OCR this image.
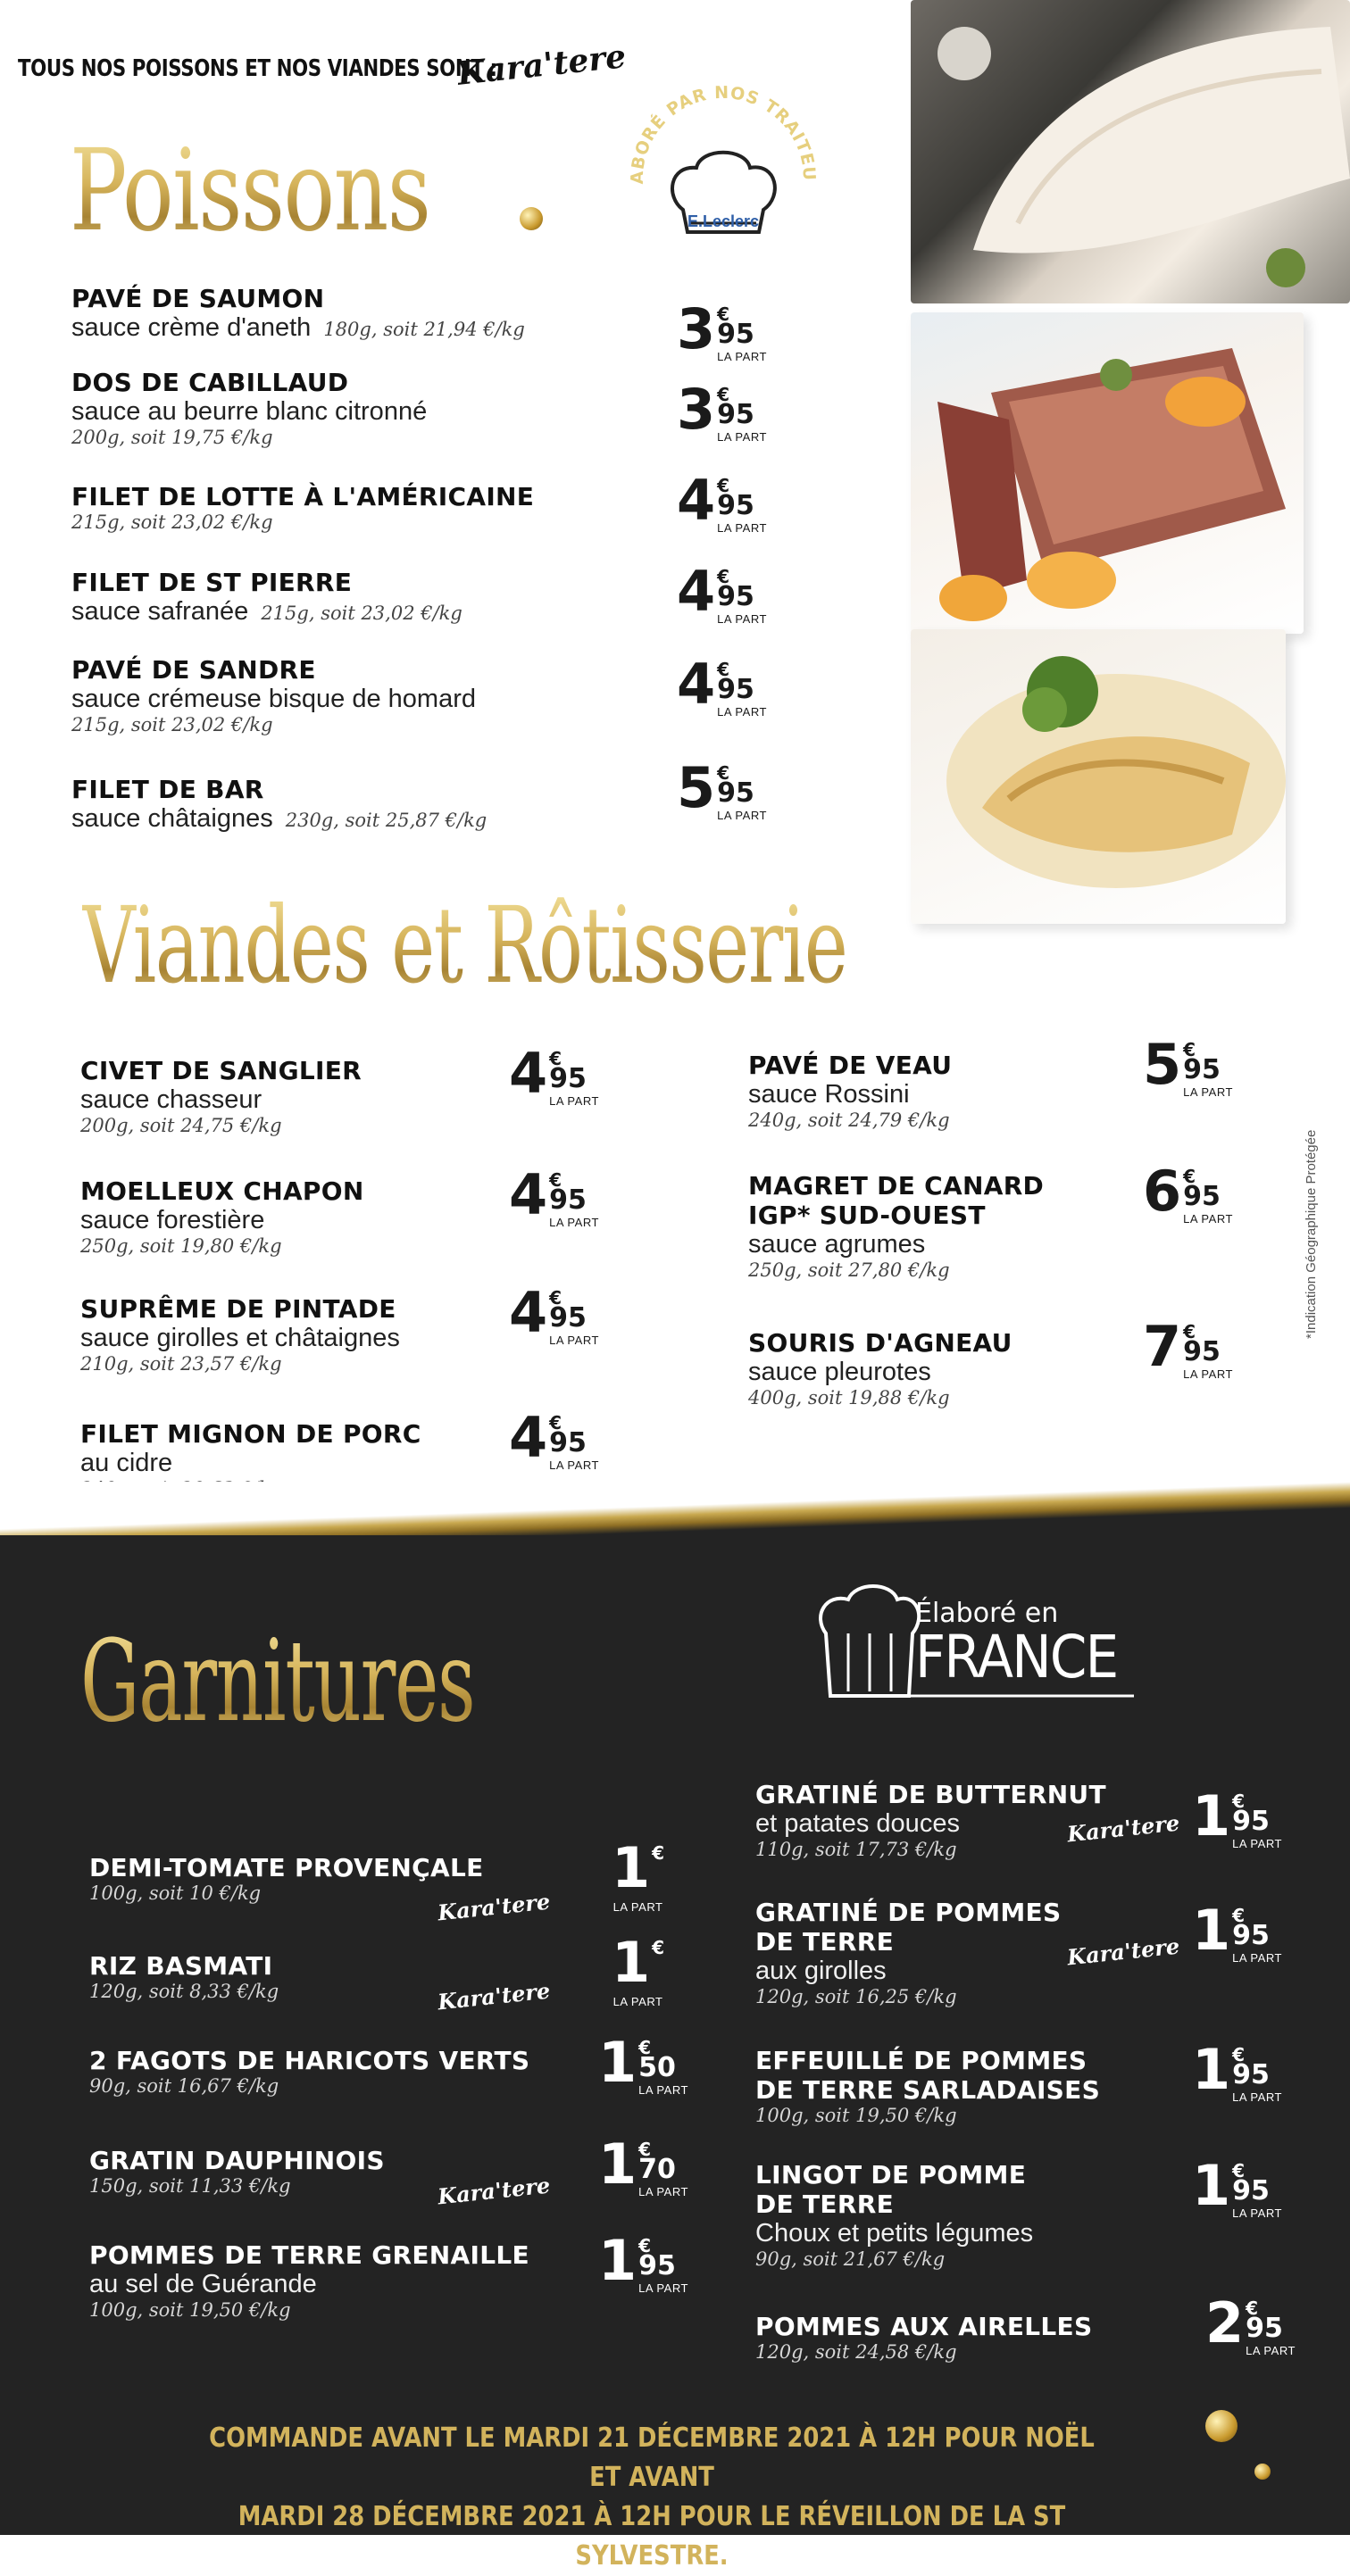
TOUS NOS POISSONS ET NOS VIANDES SONT :
Kara'tere
Poissons	ABORÉ PAR NOS TRAITEU
E.Leclerc
PAVÉ DE SAUMON
sauce crème d'aneth 180g, soit 21,94 €/kg	3 €
95
LA PART
DOS DE CABILLAUD
sauce au beurre blanc citronné
200g, soit 19,75 €/kg	3 €
95
LA PART
FILET DE LOTTE À L'AMÉRICAINE
215g, soit 23,02 €/kg	4 €
95
LA PART
FILET DE ST PIERRE
sauce safranée 215g, soit 23,02 €/kg	4 €
95
LA PART
PAVÉ DE SANDRE
sauce crémeuse bisque de homard
215g, soit 23,02 €/kg
4 €
95
LA PART
FILET DE BAR
sauce châtaignes 230g, soit 25,87 €/kg	5 €
95
LA PART
Viandes et Rôtisserie
CIVET DE SANGLIER
sauce chasseur
200g, soit 24,75 €/kg
4 €
95
LA PART
MOELLEUX CHAPON
sauce forestière
250g, soit 19,80 €/kg
4 €
95
LA PART
SUPRÊME DE PINTADE
sauce girolles et châtaignes
210g, soit 23,57 €/kg
4 €
95
LA PART
FILET MIGNON DE PORC
au cidre	4 €
95
LA PART
PAVÉ DE VEAU
sauce Rossini
240g, soit 24,79 €/kg
5 €
95
LA PART
MAGRET DE CANARD
IGP* SUD-OUEST
sauce agrumes
250g, soit 27,80 €/kg
6 €
95
LA PART
SOURIS D'AGNEAU
sauce pleurotes
400g, soit 19,88 €/kg
7 €
95
LA PART
*Indication Géographique Protégée
Garnitures
Élaboré en
FRANCE
DEMI-TOMATE PROVENÇALE
100g, soit 10 €/kg	Kara'tere
1 €
LA PART
RIZ BASMATI
120g, soit 8,33 €/kg	Kara'tere
1 €
LA PART
2 FAGOTS DE HARICOTS VERTS
90g, soit 16,67 €/kg	1 €
50
LA PART
GRATIN DAUPHINOIS
150g, soit 11,33 €/kg	Kara'tere 1 €
70
LA PART
POMMES DE TERRE GRENAILLE
au sel de Guérande
100g, soit 19,50 €/kg
1 €
95
LA PART
GRATINÉ DE BUTTERNUT
et patates douces
110g, soit 17,73 €/kg
Kara'tere 1 €
95
LA PART
GRATINÉ DE POMMES
DE TERRE
aux girolles
120g, soit 16,25 €/kg
Kara'tere 1 €
95
LA PART
EFFEUILLÉ DE POMMES
DE TERRE SARLADAISES
100g, soit 19,50 €/kg
1 €
95
LA PART
LINGOT DE POMME
DE TERRE
Choux et petits légumes
90g, soit 21,67 €/kg
1 €
95
LA PART
POMMES AUX AIRELLES
120g, soit 24,58 €/kg	2 €
95
LA PART
COMMANDE AVANT LE MARDI 21 DÉCEMBRE 2021 À 12H POUR NOËL ET AVANT
MARDI 28 DÉCEMBRE 2021 À 12H POUR LE RÉVEILLON DE LA ST SYLVESTRE.
